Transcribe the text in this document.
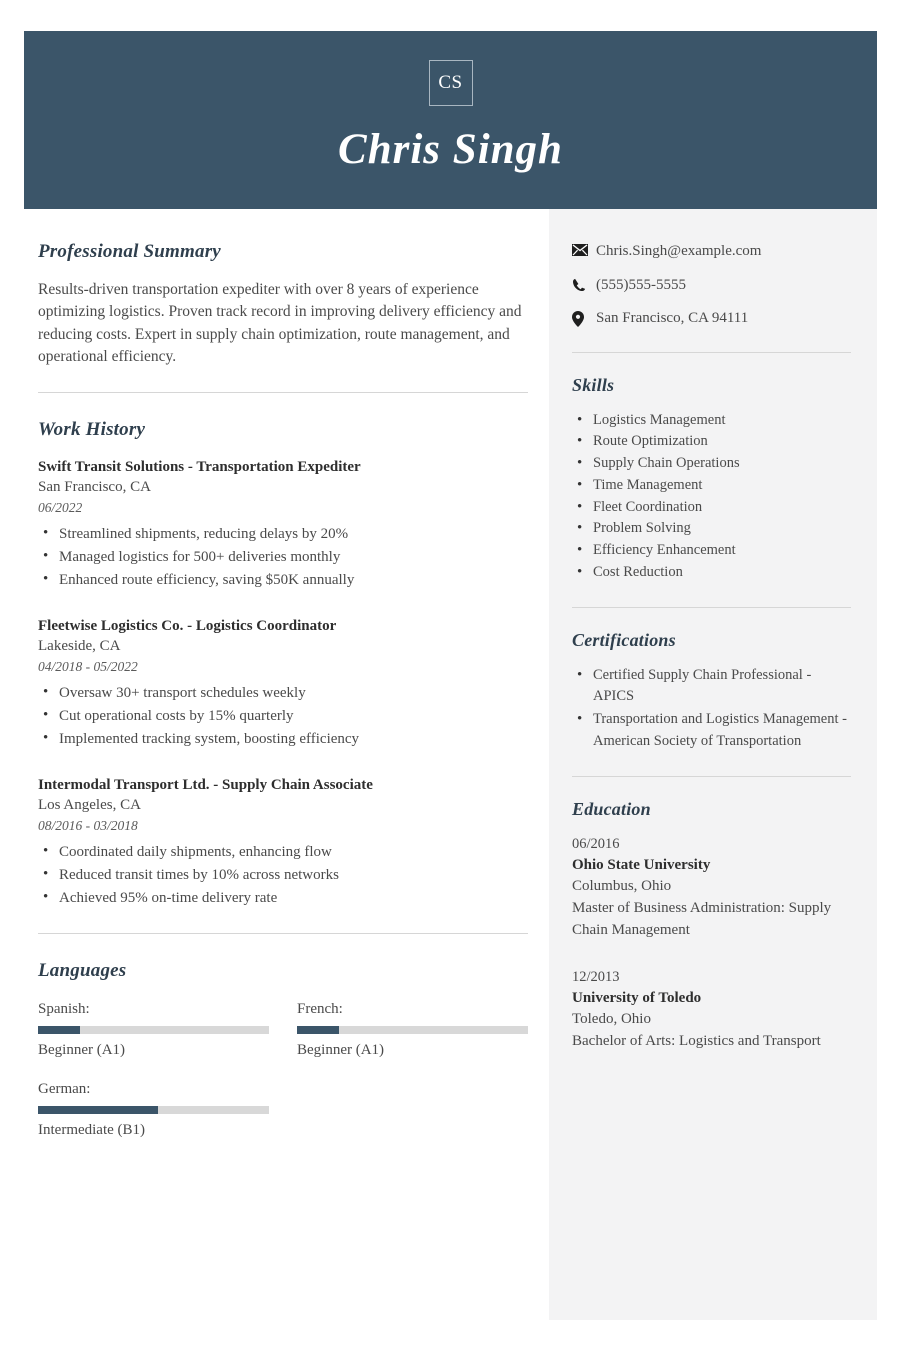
CS
Chris Singh
Professional Summary

Results-driven transportation expediter with over 8 years of experience optimizing logistics. Proven track record in improving delivery efficiency and reducing costs. Expert in supply chain optimization, route management, and operational efficiency.

Work History
Swift Transit Solutions - Transportation Expediter
San Francisco, CA
06/2022
• Streamlined shipments, reducing delays by 20%
• Managed logistics for 500+ deliveries monthly
• Enhanced route efficiency, saving $50K annually
Fleetwise Logistics Co. - Logistics Coordinator
Lakeside, CA
04/2018 - 05/2022
• Oversaw 30+ transport schedules weekly
• Cut operational costs by 15% quarterly
• Implemented tracking system, boosting efficiency
Intermodal Transport Ltd. - Supply Chain Associate
Los Angeles, CA
08/2016 - 03/2018
• Coordinated daily shipments, enhancing flow
• Reduced transit times by 10% across networks
• Achieved 95% on-time delivery rate
Languages
Spanish:
Beginner (A1)
French:
Beginner (A1)
German:
Intermediate (B1)
Chris.Singh@example.com
(555)555-5555
San Francisco, CA 94111
Skills
• Logistics Management
• Route Optimization
• Supply Chain Operations
• Time Management
• Fleet Coordination
• Problem Solving
• Efficiency Enhancement
• Cost Reduction
Certifications
• Certified Supply Chain Professional - APICS
• Transportation and Logistics Management - American Society of Transportation
Education
06/2016
Ohio State University
Columbus, Ohio
Master of Business Administration: Supply Chain Management
12/2013
University of Toledo
Toledo, Ohio
Bachelor of Arts: Logistics and Transport
